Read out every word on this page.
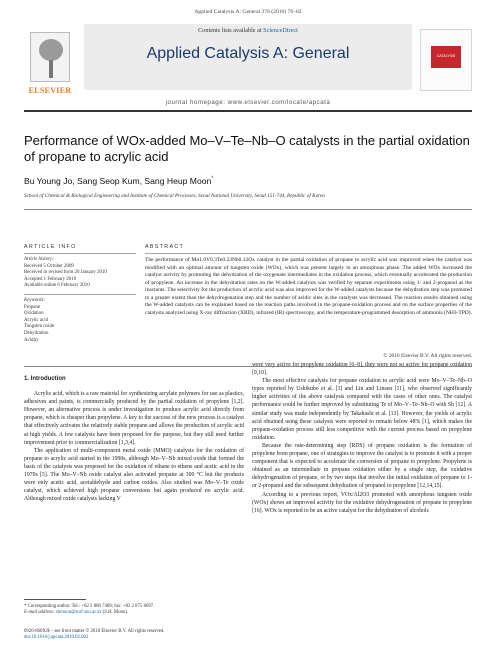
Applied Catalysis A: General 378 (2010) 76–82
ELSEVIER
Contents lists available at ScienceDirect
Applied Catalysis A: General	CATALYSIS
journal homepage: www.elsevier.com/locate/apcata
Performance of WOx-added Mo–V–Te–Nb–O catalysts in the partial oxidation of propane to acrylic acid
Bu Young Jo, Sang Seop Kum, Sang Heup Moon*
School of Chemical & Biological Engineering and Institute of Chemical Processes, Seoul National University, Seoul 151-744, Republic of Korea
ARTICLE INFO	ABSTRACT
Article history:
Received 5 October 2009
Received in revised form 20 January 2010
Accepted 1 February 2010
Available online 6 February 2010
Keywords:
Propane
Oxidation
Acrylic acid
Tungsten oxide
Dehydration
Acidity
The performance of Mo1.0V0.3Te0.23Nb0.12Ox catalyst in the partial oxidation of propane to acrylic acid was improved when the catalyst was modified with an optimal amount of tungsten oxide (WOx), which was present largely in an amorphous phase. The added WOx increased the catalyst activity by promoting the dehydration of the oxygenate intermediates in the oxidation process, which eventually accelerated the production of propylene. An increase in the dehydration rates on the W-added catalysts was verified by separate experiments using 1- and 2-propanol as the reactants. The selectivity for the production of acrylic acid was also improved for the W-added catalysts because the dehydration step was promoted to a greater extent than the dehydrogenation step and the number of acidic sites in the catalysts was decreased. The reaction results obtained using the W-added catalysts can be explained based on the reaction paths involved in the propane-oxidation process and on the surface properties of the catalysts analyzed using X-ray diffraction (XRD), infrared (IR) spectroscopy, and the temperature-programmed desorption of ammonia (NH3-TPD).
© 2010 Elsevier B.V. All rights reserved.

1. Introduction

Acrylic acid, which is a raw material for synthesizing acrylate polymers for use as plastics, adhesives and paints, is commercially produced by the partial oxidation of propylene [1,2]. However, an alternative process is under investigation to produce acrylic acid directly from propane, which is cheaper than propylene. A key to the success of the new process is a catalyst that effectively activates the relatively stable propane and allows the production of acrylic acid at high yields. A few catalysts have been proposed for the purpose, but they still need further improvement prior to commercialization [1,3,4].

The application of multi-component metal oxide (MMO) catalysts for the oxidation of propane to acrylic acid started in the 1990s, although Mo–V–Nb mixed oxide that formed the basis of the catalysts was proposed for the oxidation of ethane to ethene and acetic acid in the 1970s [5]. The Mo–V–Nb oxide catalyst also activated propane at 300 °C but the products were only acetic acid, acetaldehyde and carbon oxides. Also studied was Mo–V–Te oxide catalyst, which achieved high propane conversions but again produced no acrylic acid. Although mixed oxide catalysts lacking V

were very active for propylene oxidation [6–8], they were not so active for propane oxidation [9,10].

The most effective catalysts for propane oxidation to acrylic acid were Mo–V–Te–Nb–O types reported by Ushikubo et al. [3] and Lin and Linsen [11], who observed significantly higher activities of the above catalysts compared with the cases of other ones. The catalyst performance could be further improved by substituting Te of Mo–V–Te–Nb–O with Sb [12]. A similar study was made independently by Takahashi et al. [13]. However, the yields of acrylic acid obtained using these catalysts were reported to remain below 48% [1], which makes the propane-oxidation process still less competitive with the current process based on propylene oxidation.

Because the rate-determining step (RDS) of propane oxidation is the formation of propylene from propane, one of strategies to improve the catalyst is to promote it with a proper component that is expected to accelerate the conversion of propane to propylene. Propylene is obtained as an intermediate in propane oxidation either by a single step, the oxidative dehydrogenation of propane, or by two steps that involve the initial oxidation of propane to 1- or 2-propanol and the subsequent dehydration of propanol to propylene [12,14,15].

According to a previous report, VOx/Al2O3 promoted with amorphous tungsten oxide (WOx) shows an improved activity for the oxidative dehydrogenation of propane to propylene [16]. WOx is reported to be an active catalyst for the dehydration of alcohols

* Corresponding author. Tel.: +82 2 880 7409; fax: +82 2 875 6697.
E-mail address: shmoon@surf.snu.ac.kr (S.H. Moon).
0926-860X/$ – see front matter © 2010 Elsevier B.V. All rights reserved.
doi:10.1016/j.apcata.2010.02.002
